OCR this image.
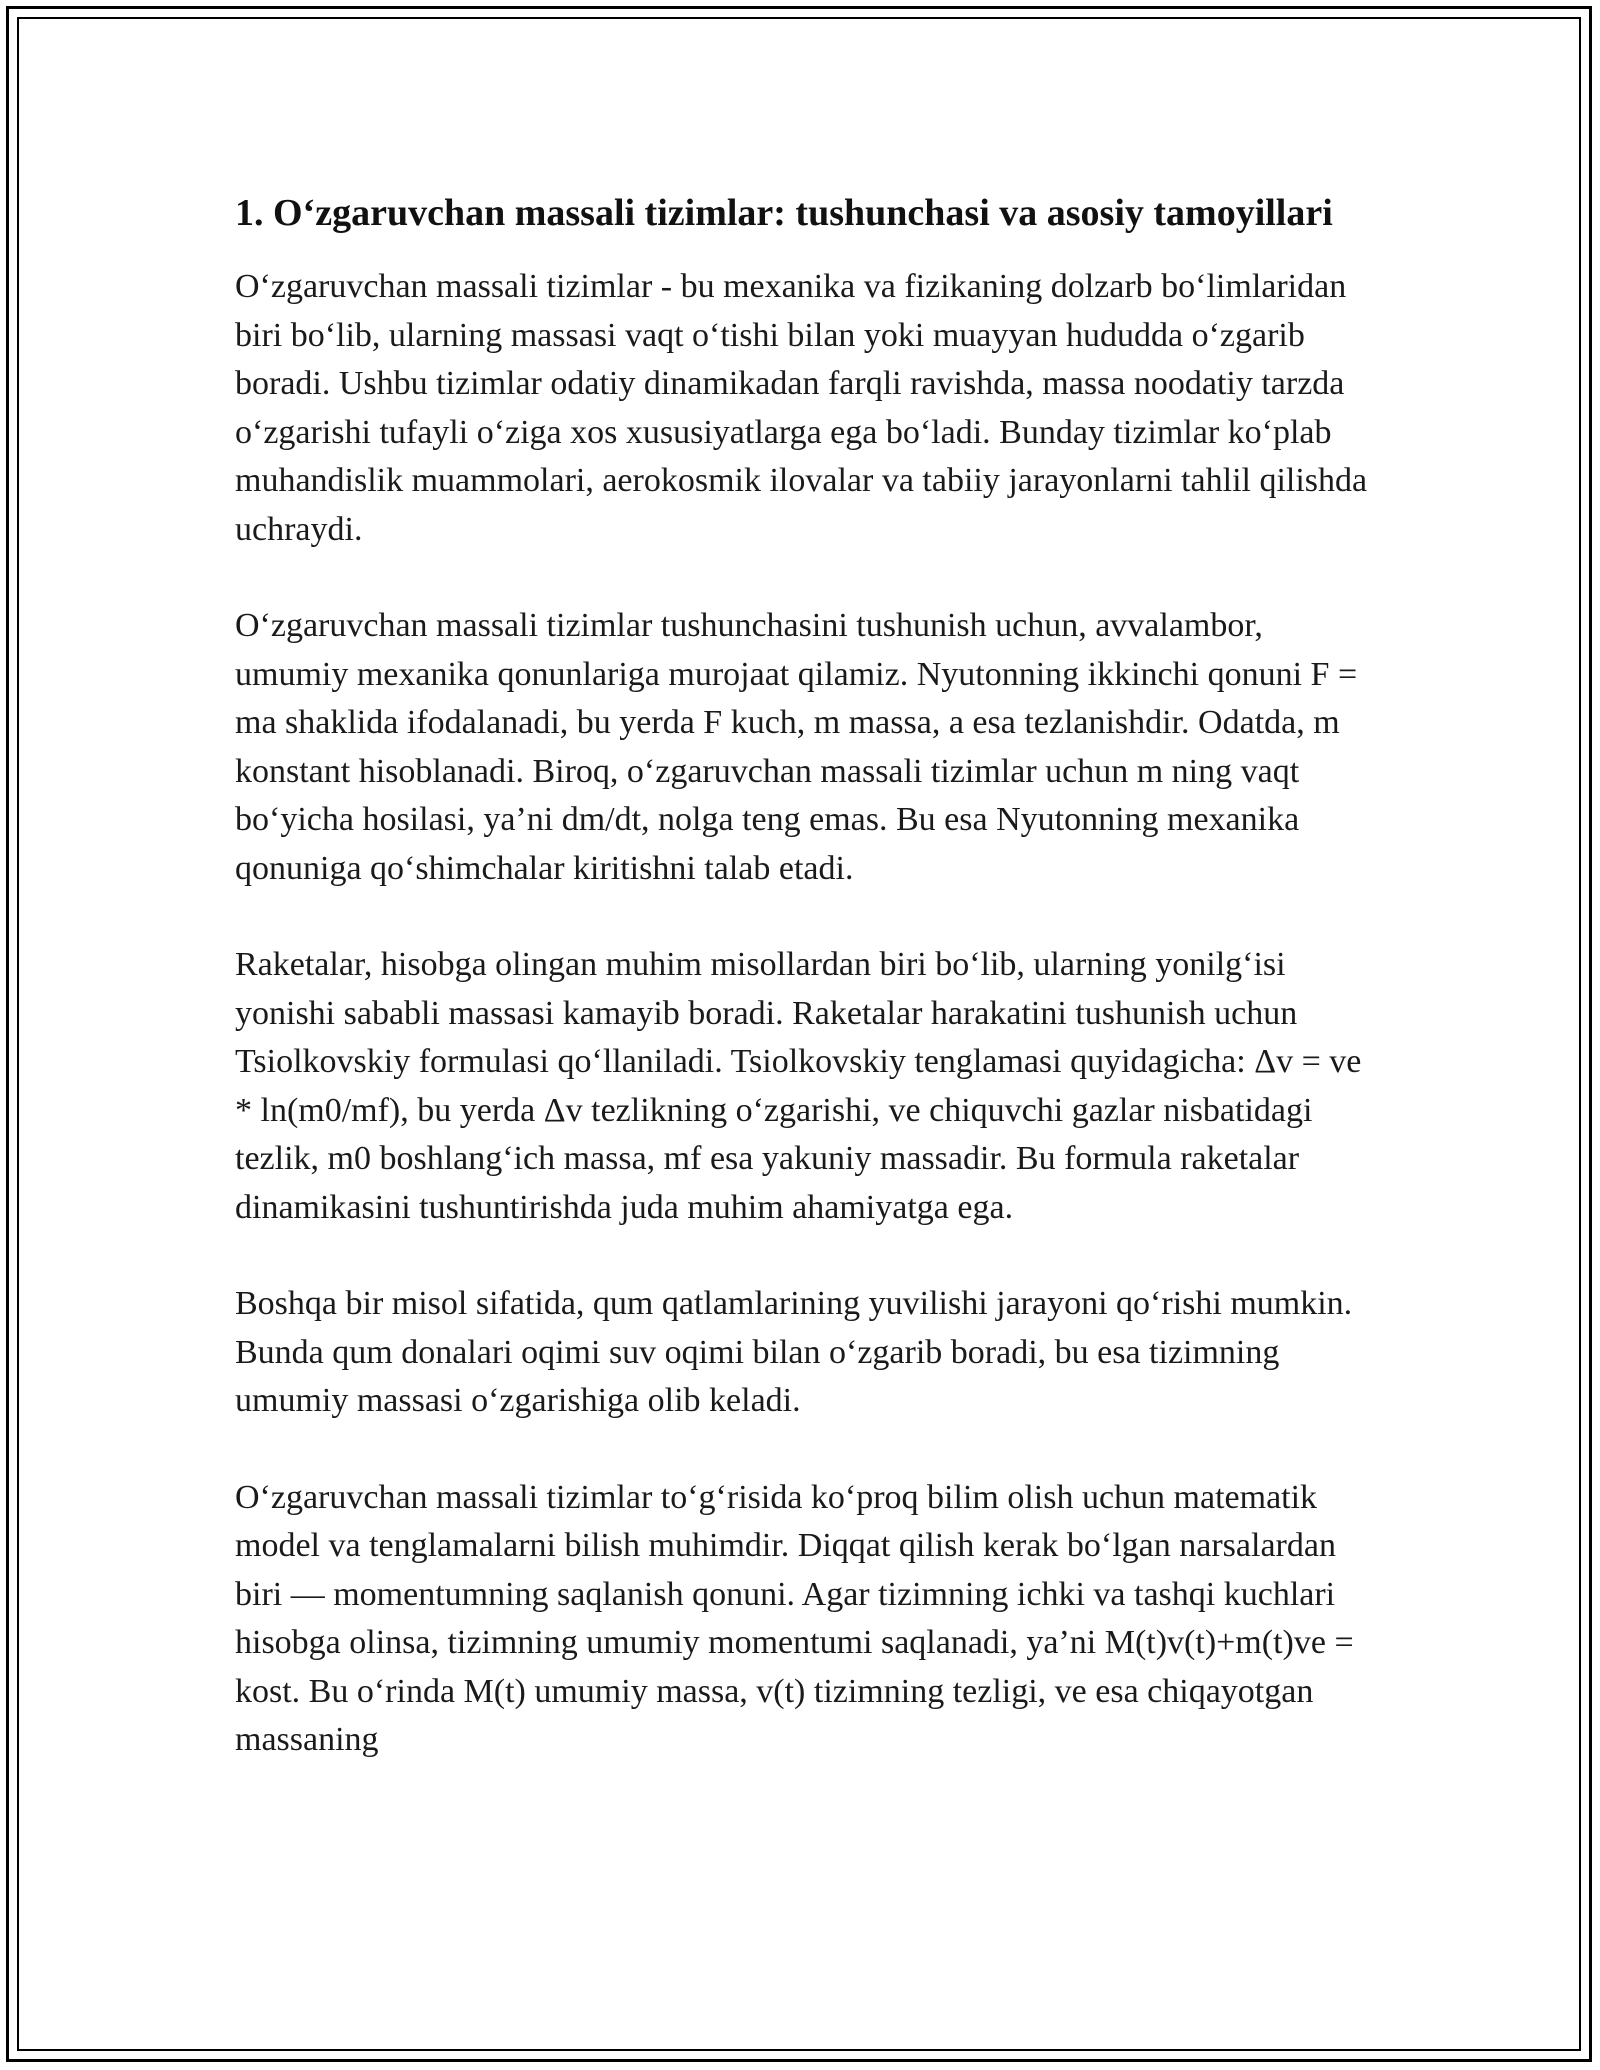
1. O‘zgaruvchan massali tizimlar: tushunchasi va asosiy tamoyillari

O‘zgaruvchan massali tizimlar - bu mexanika va fizikaning dolzarb bo‘limlaridan biri bo‘lib, ularning massasi vaqt o‘tishi bilan yoki muayyan hududda o‘zgarib boradi. Ushbu tizimlar odatiy dinamikadan farqli ravishda, massa noodatiy tarzda o‘zgarishi tufayli o‘ziga xos xususiyatlarga ega bo‘ladi. Bunday tizimlar ko‘plab muhandislik muammolari, aerokosmik ilovalar va tabiiy jarayonlarni tahlil qilishda uchraydi.

O‘zgaruvchan massali tizimlar tushunchasini tushunish uchun, avvalambor, umumiy mexanika qonunlariga murojaat qilamiz. Nyutonning ikkinchi qonuni F = ma shaklida ifodalanadi, bu yerda F kuch, m massa, a esa tezlanishdir. Odatda, m konstant hisoblanadi. Biroq, o‘zgaruvchan massali tizimlar uchun m ning vaqt bo‘yicha hosilasi, ya’ni dm/dt, nolga teng emas. Bu esa Nyutonning mexanika qonuniga qo‘shimchalar kiritishni talab etadi.

Raketalar, hisobga olingan muhim misollardan biri bo‘lib, ularning yonilg‘isi yonishi sababli massasi kamayib boradi. Raketalar harakatini tushunish uchun Tsiolkovskiy formulasi qo‘llaniladi. Tsiolkovskiy tenglamasi quyidagicha: Δv = ve * ln(m0/mf), bu yerda Δv tezlikning o‘zgarishi, ve chiquvchi gazlar nisbatidagi tezlik, m0 boshlang‘ich massa, mf esa yakuniy massadir. Bu formula raketalar dinamikasini tushuntirishda juda muhim ahamiyatga ega.

Boshqa bir misol sifatida, qum qatlamlarining yuvilishi jarayoni qo‘rishi mumkin. Bunda qum donalari oqimi suv oqimi bilan o‘zgarib boradi, bu esa tizimning umumiy massasi o‘zgarishiga olib keladi.

O‘zgaruvchan massali tizimlar to‘g‘risida ko‘proq bilim olish uchun matematik model va tenglamalarni bilish muhimdir. Diqqat qilish kerak bo‘lgan narsalardan biri — momentumning saqlanish qonuni. Agar tizimning ichki va tashqi kuchlari hisobga olinsa, tizimning umumiy momentumi saqlanadi, ya’ni M(t)v(t)+m(t)ve = kost. Bu o‘rinda M(t) umumiy massa, v(t) tizimning tezligi, ve esa chiqayotgan massaning
